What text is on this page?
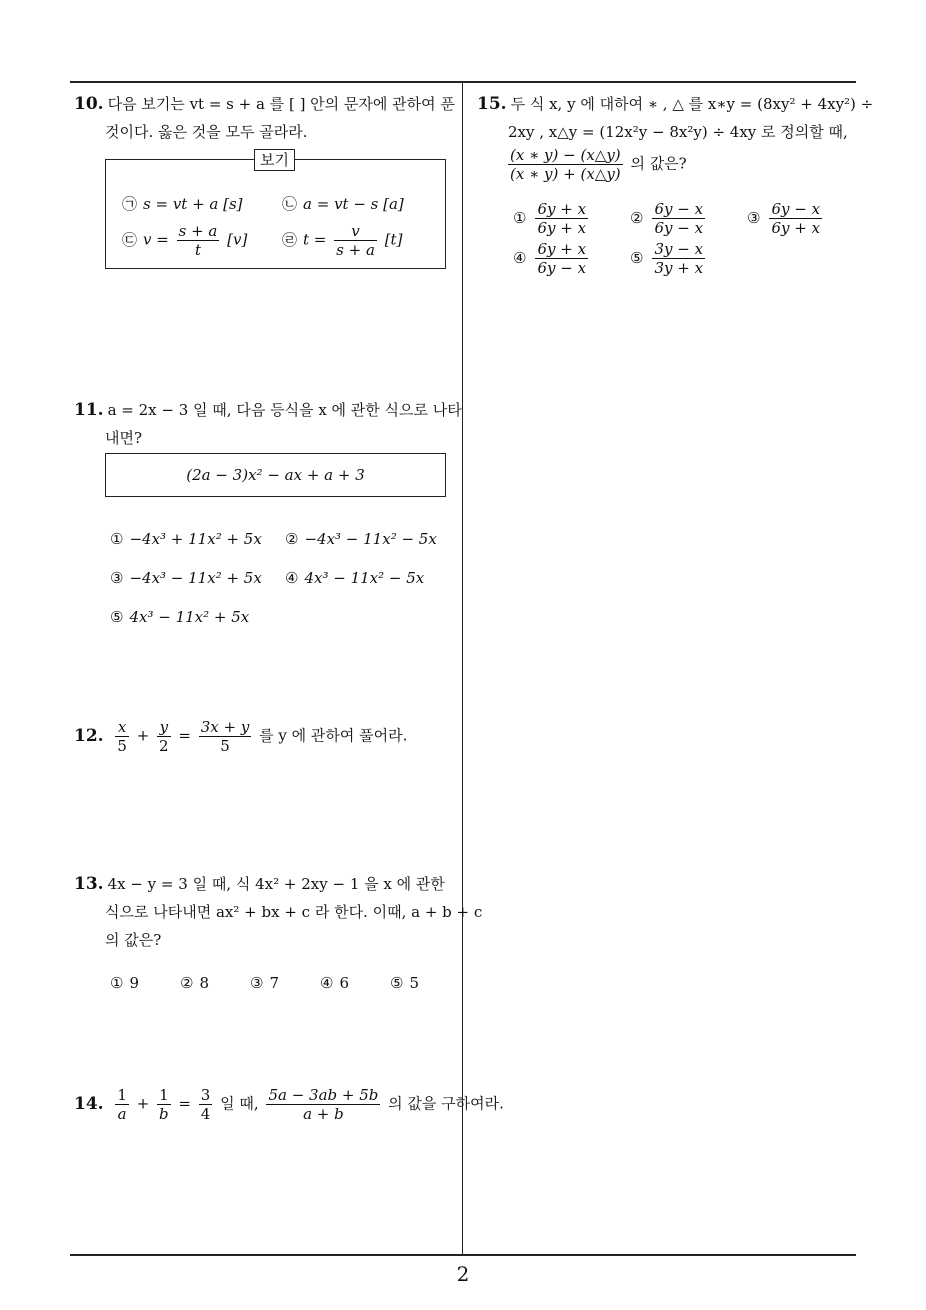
10. 다음 보기는 vt = s + a 를 [ ] 안의 문자에 관하여 푼
것이다. 옳은 것을 모두 골라라.
보기
㉠ s = vt + a [s]	㉡ a = vt − s [a]
㉢ $v = \frac{s + a}{t} [v]$ ㉣ $t = \frac{v}{s + a} [t]$
11. a = 2x − 3 일 때, 다음 등식을 x 에 관한 식으로 나타
내면?
(2a − 3)x² − ax + a + 3
① −4x³ + 11x² + 5x ② −4x³ − 11x² − 5x
③ −4x³ − 11x² + 5x ④ 4x³ − 11x² − 5x
⑤ 4x³ − 11x² + 5x
12. $\frac{x}{5} + \frac{y}{2} = \frac{3x + y}{5}$ 를 y 에 관하여 풀어라.
13. 4x − y = 3 일 때, 식 4x² + 2xy − 1 을 x 에 관한
식으로 나타내면 ax² + bx + c 라 한다. 이때, a + b + c
의 값은?
① 9	② 8	③ 7	④ 6	⑤ 5
14. $\frac{1}{a} + \frac{1}{b} = \frac{3}{4}$ 일 때, $\frac{5a - 3ab + 5b}{a + b}$ 의 값을 구하여라.
15. 두 식 x, y 에 대하여 ∗ , △ 를 x∗y = (8xy² + 4xy²) ÷
2xy , x△y = (12x²y − 8x²y) ÷ 4xy 로 정의할 때,
$\frac{(x ∗ y) - (x\triangle y)}{(x ∗ y) + (x\triangle y)}$ 의 값은?
① $\frac{6y + x}{6y + x}$	② $\frac{6y - x}{6y - x}$	③ $\frac{6y - x}{6y + x}$
④ $\frac{6y + x}{6y - x}$	⑤ $\frac{3y - x}{3y + x}$
2
